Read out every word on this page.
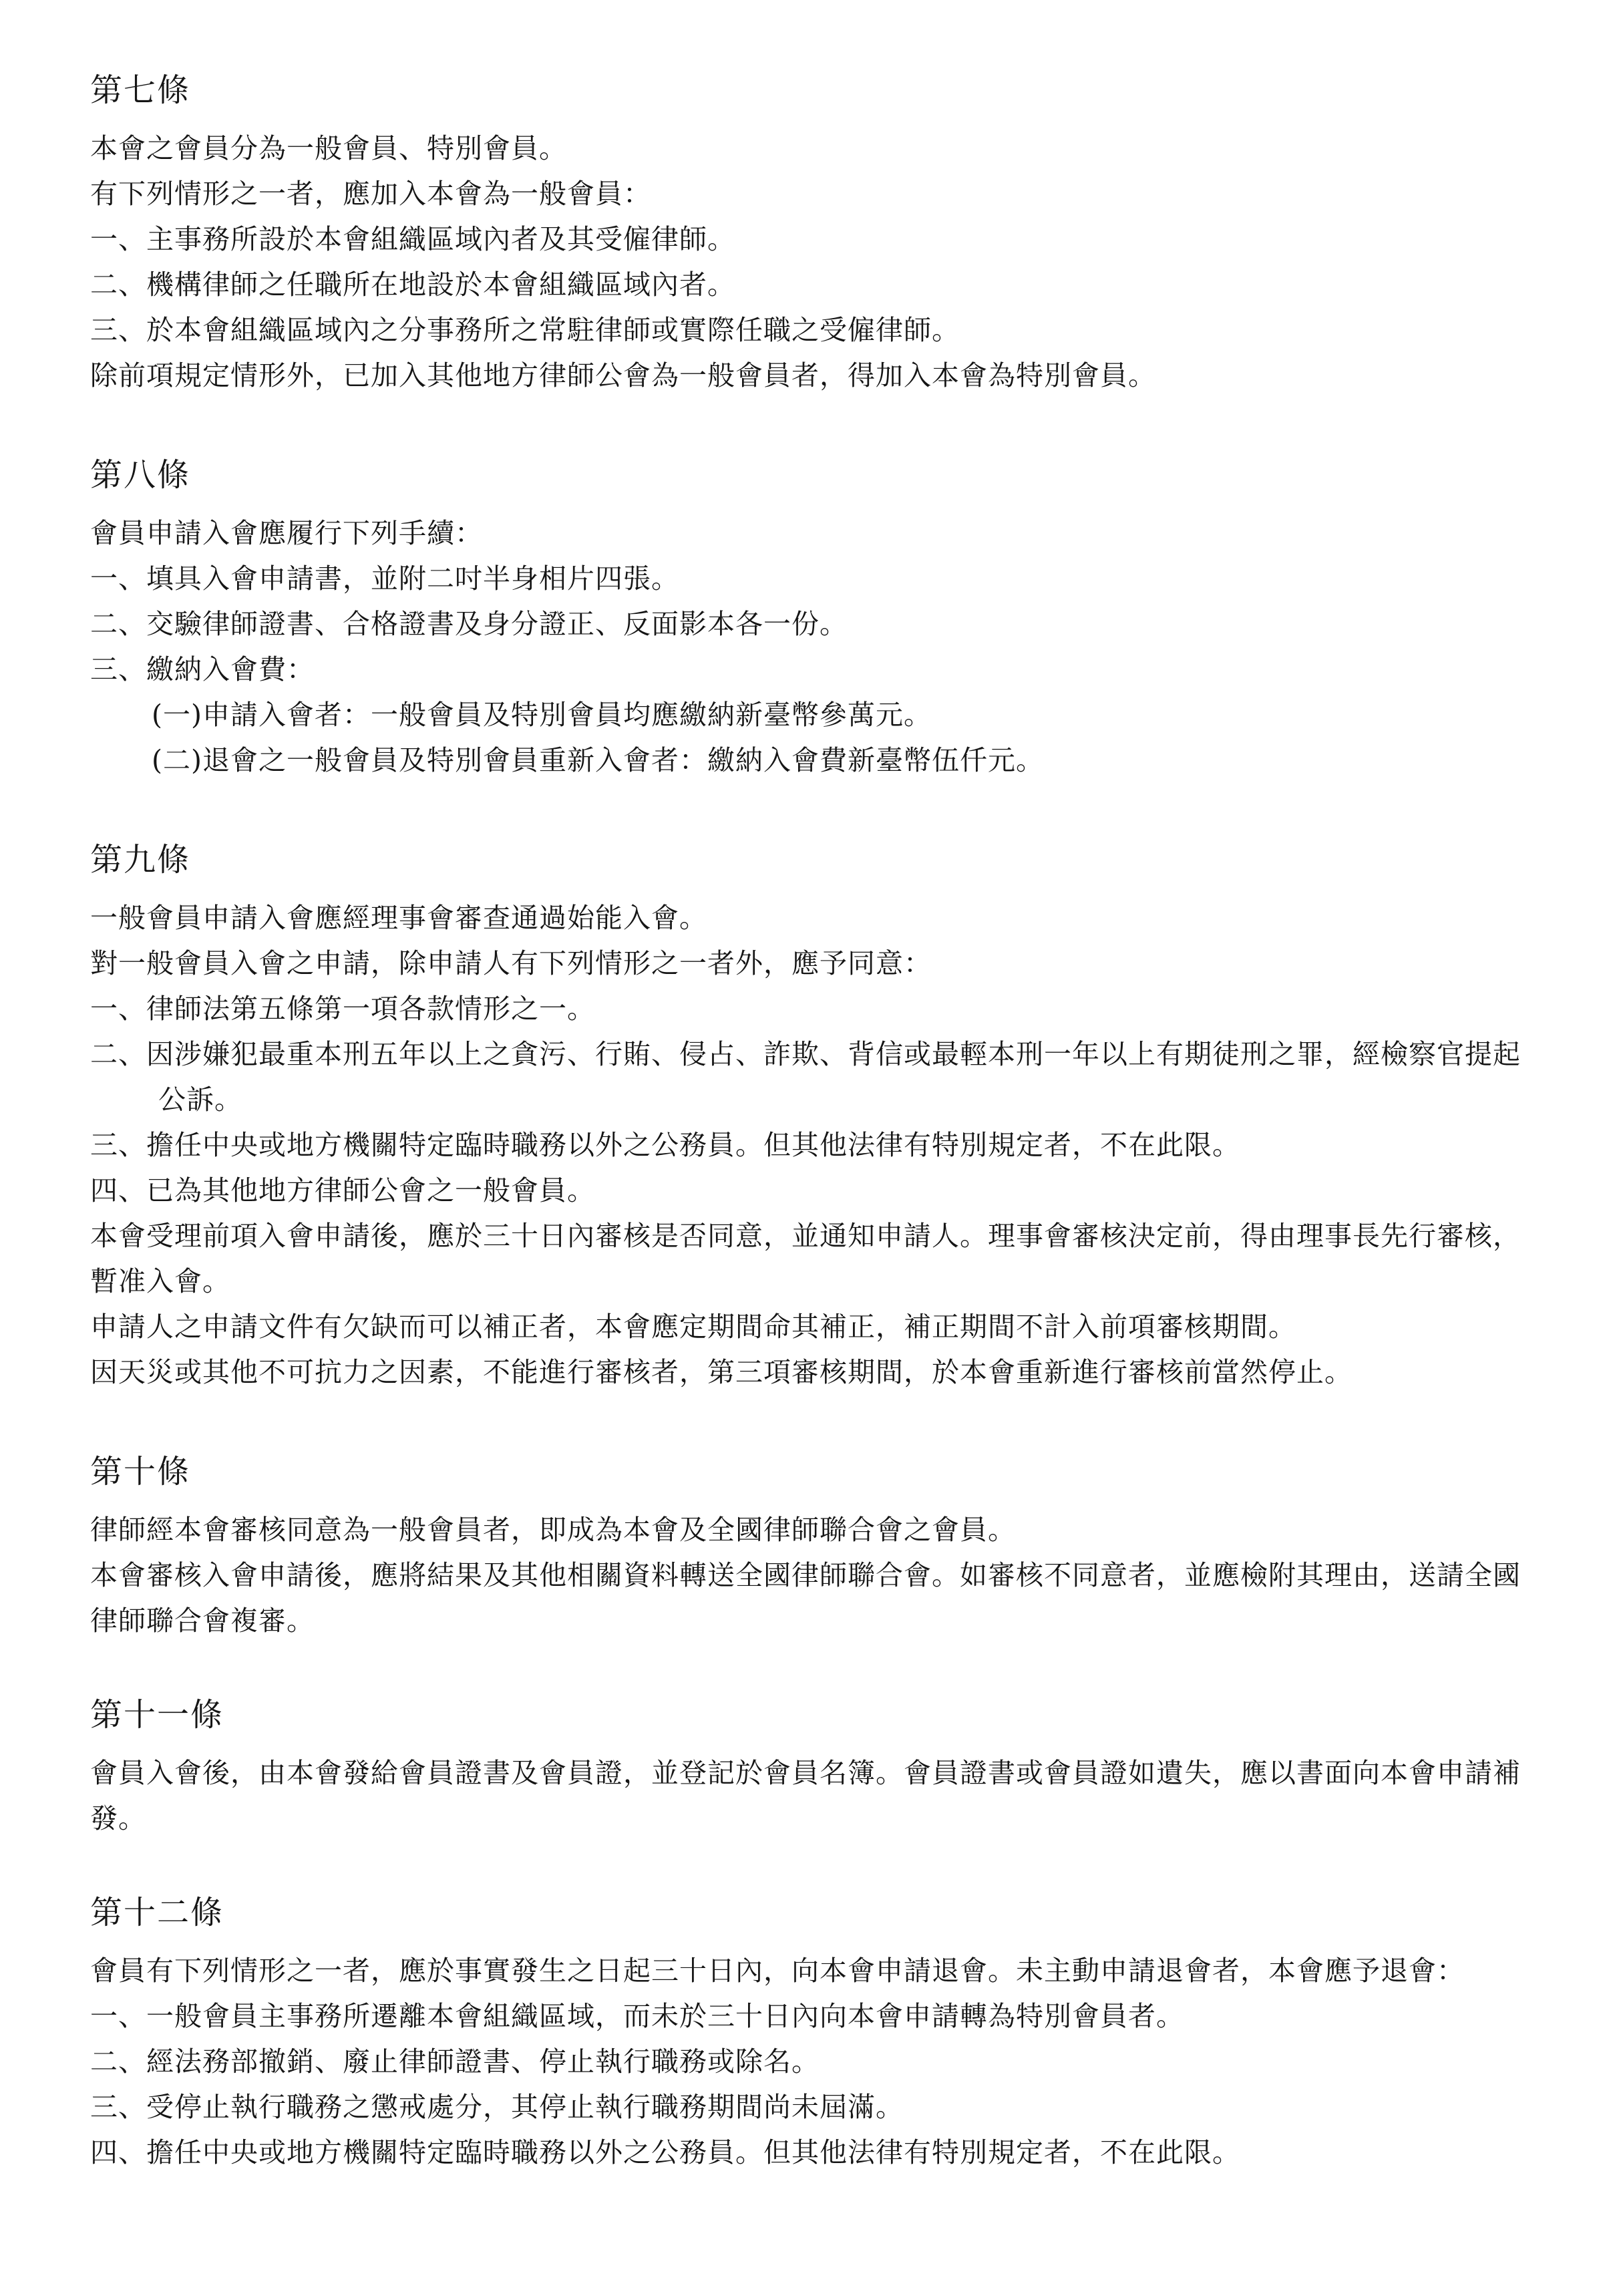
第七條

本會之會員分為一般會員、特別會員。

有下列情形之一者，應加入本會為一般會員：

一、主事務所設於本會組織區域內者及其受僱律師。

二、機構律師之任職所在地設於本會組織區域內者。

三、於本會組織區域內之分事務所之常駐律師或實際任職之受僱律師。

除前項規定情形外，已加入其他地方律師公會為一般會員者，得加入本會為特別會員。

第八條

會員申請入會應履行下列手續：

一、填具入會申請書，並附二吋半身相片四張。

二、交驗律師證書、合格證書及身分證正、反面影本各一份。

三、繳納入會費：

(一)申請入會者：一般會員及特別會員均應繳納新臺幣參萬元。

(二)退會之一般會員及特別會員重新入會者：繳納入會費新臺幣伍仟元。

第九條

一般會員申請入會應經理事會審查通過始能入會。

對一般會員入會之申請，除申請人有下列情形之一者外，應予同意：

一、律師法第五條第一項各款情形之一。

二、因涉嫌犯最重本刑五年以上之貪污、行賄、侵占、詐欺、背信或最輕本刑一年以上有期徒刑之罪，經檢察官提起公訴。

三、擔任中央或地方機關特定臨時職務以外之公務員。但其他法律有特別規定者，不在此限。

四、已為其他地方律師公會之一般會員。

本會受理前項入會申請後，應於三十日內審核是否同意，並通知申請人。理事會審核決定前，得由理事長先行審核，暫准入會。

申請人之申請文件有欠缺而可以補正者，本會應定期間命其補正，補正期間不計入前項審核期間。

因天災或其他不可抗力之因素，不能進行審核者，第三項審核期間，於本會重新進行審核前當然停止。

第十條

律師經本會審核同意為一般會員者，即成為本會及全國律師聯合會之會員。

本會審核入會申請後，應將結果及其他相關資料轉送全國律師聯合會。如審核不同意者，並應檢附其理由，送請全國律師聯合會複審。

第十一條

會員入會後，由本會發給會員證書及會員證，並登記於會員名簿。會員證書或會員證如遺失，應以書面向本會申請補發。

第十二條

會員有下列情形之一者，應於事實發生之日起三十日內，向本會申請退會。未主動申請退會者，本會應予退會：

一、一般會員主事務所遷離本會組織區域，而未於三十日內向本會申請轉為特別會員者。

二、經法務部撤銷、廢止律師證書、停止執行職務或除名。

三、受停止執行職務之懲戒處分，其停止執行職務期間尚未屆滿。

四、擔任中央或地方機關特定臨時職務以外之公務員。但其他法律有特別規定者，不在此限。
